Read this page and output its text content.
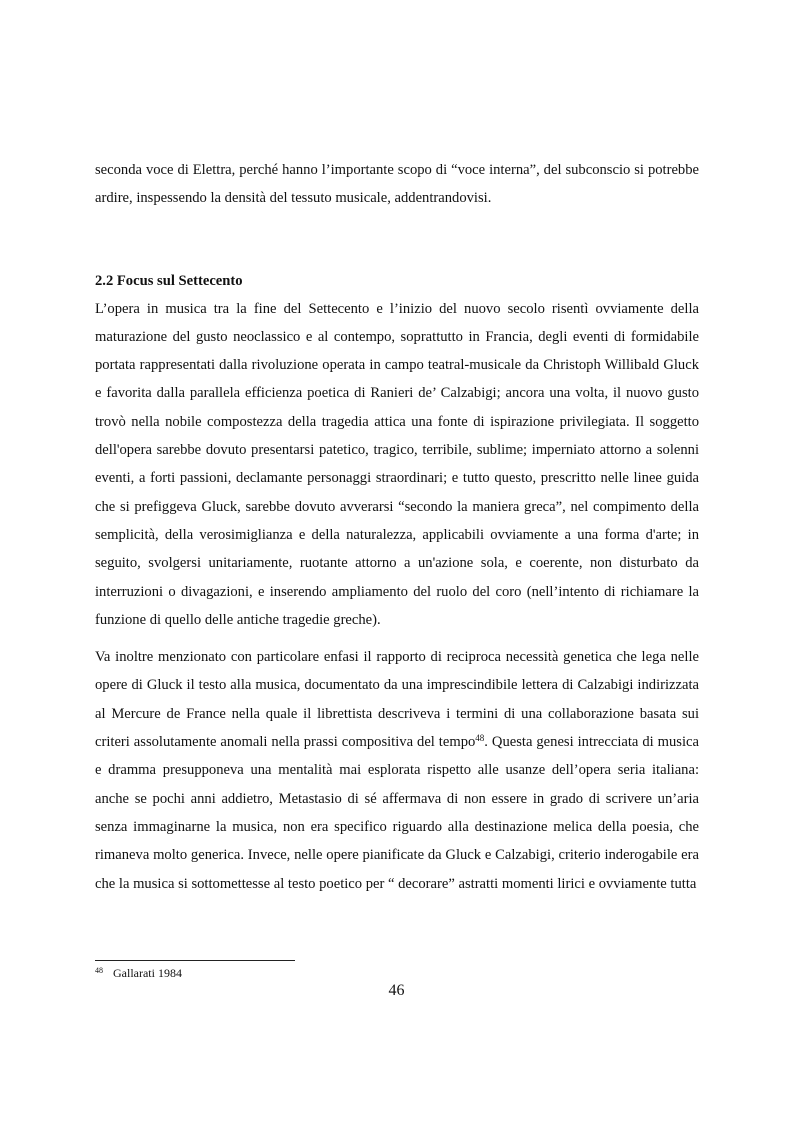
seconda voce di Elettra, perché hanno l’importante scopo di “voce interna”, del subconscio si potrebbe ardire, inspessendo la densità del tessuto musicale, addentrandovisi.

2.2 Focus sul Settecento

L’opera in musica tra la fine del Settecento e l’inizio del nuovo secolo risentì ovviamente della maturazione del gusto neoclassico e al contempo, soprattutto in Francia, degli eventi di formidabile portata rappresentati dalla rivoluzione operata in campo teatral-musicale da Christoph Willibald Gluck e favorita dalla parallela efficienza poetica di Ranieri de’ Calzabigi; ancora una volta, il nuovo gusto trovò nella nobile compostezza della tragedia attica una fonte di ispirazione privilegiata. Il soggetto dell'opera sarebbe dovuto presentarsi patetico, tragico, terribile, sublime; imperniato attorno a solenni eventi, a forti passioni, declamante personaggi straordinari; e tutto questo, prescritto nelle linee guida che si prefiggeva Gluck, sarebbe dovuto avverarsi “secondo la maniera greca”, nel compimento della semplicità, della verosimiglianza e della naturalezza, applicabili ovviamente a una forma d'arte; in seguito, svolgersi unitariamente, ruotante attorno a un'azione sola, e coerente, non disturbato da interruzioni o divagazioni, e inserendo ampliamento del ruolo del coro (nell’intento di richiamare la funzione di quello delle antiche tragedie greche).

Va inoltre menzionato con particolare enfasi il rapporto di reciproca necessità genetica che lega nelle opere di Gluck il testo alla musica, documentato da una imprescindibile lettera di Calzabigi indirizzata al Mercure de France nella quale il librettista descriveva i termini di una collaborazione basata sui criteri assolutamente anomali nella prassi compositiva del tempo$^{48}$. Questa genesi intrecciata di musica e dramma presupponeva una mentalità mai esplorata rispetto alle usanze dell’opera seria italiana: anche se pochi anni addietro, Metastasio di sé affermava di non essere in grado di scrivere un’aria senza immaginarne la musica, non era specifico riguardo alla destinazione melica della poesia, che rimaneva molto generica. Invece, nelle opere pianificate da Gluck e Calzabigi, criterio inderogabile era che la musica si sottomettesse al testo poetico per “ decorare” astratti momenti lirici e ovviamente tutta

$^{48}$ Gallarati 1984
46
